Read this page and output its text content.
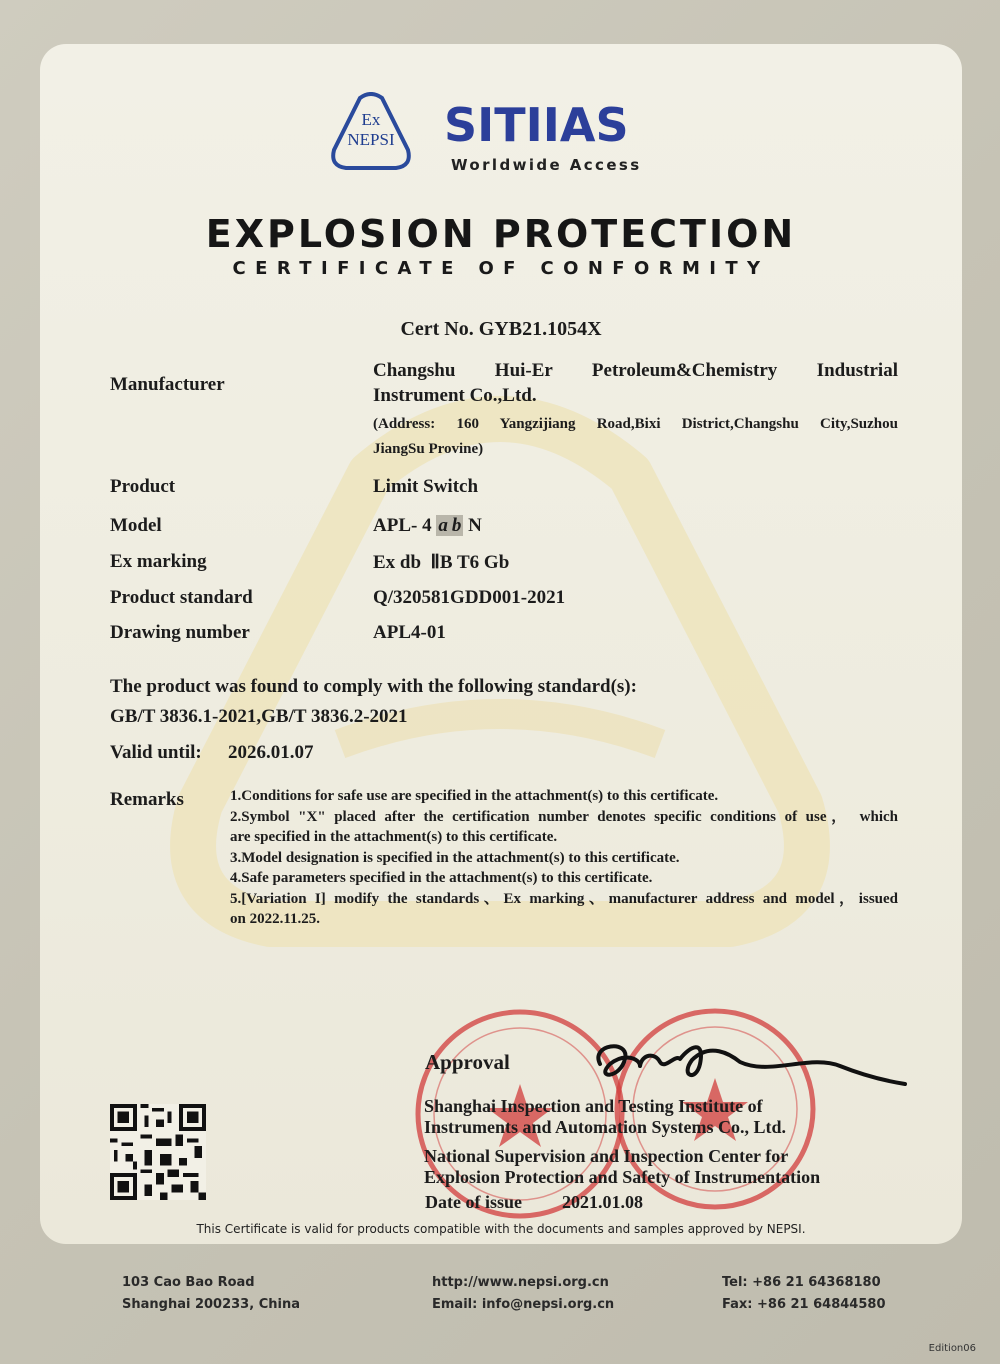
Ex
NEPSI	SITIIAS
Worldwide Access
EXPLOSION PROTECTION
CERTIFICATE OF CONFORMITY
Cert No. GYB21.1054X
Manufacturer
Changshu Hui-Er Petroleum&Chemistry Industrial
Instrument Co.,Ltd.
(Address: 160 Yangzijiang Road,Bixi District,Changshu City,Suzhou
JiangSu Provine)
Product	Limit Switch
Model	APL- 4 a b N
Ex marking	Ex db  ⅡB T6 Gb
Product standard	Q/320581GDD001-2021
Drawing number	APL4-01
The product was found to comply with the following standard(s):
GB/T 3836.1-2021,GB/T 3836.2-2021
Valid until: 2026.01.07
Remarks	1.Conditions for safe use are specified in the attachment(s) to this certificate.
2.Symbol "X" placed after the certification number denotes specific conditions of use， which
are specified in the attachment(s) to this certificate.
3.Model designation is specified in the attachment(s) to this certificate.
4.Safe parameters specified in the attachment(s) to this certificate.
5.[Variation I] modify the standards、Ex marking、manufacturer address and model，issued
on 2022.11.25.
Approval
Shanghai Inspection and Testing Institute of
Instruments and Automation Systems Co., Ltd.
National Supervision and Inspection Center for
Explosion Protection and Safety of Instrumentation
Date of issue 2021.01.08
This Certificate is valid for products compatible with the documents and samples approved by NEPSI.
103 Cao Bao Road
Shanghai 200233, China
http://www.nepsi.org.cn
Email: info@nepsi.org.cn
Tel: +86 21 64368180
Fax: +86 21 64844580
Edition06
